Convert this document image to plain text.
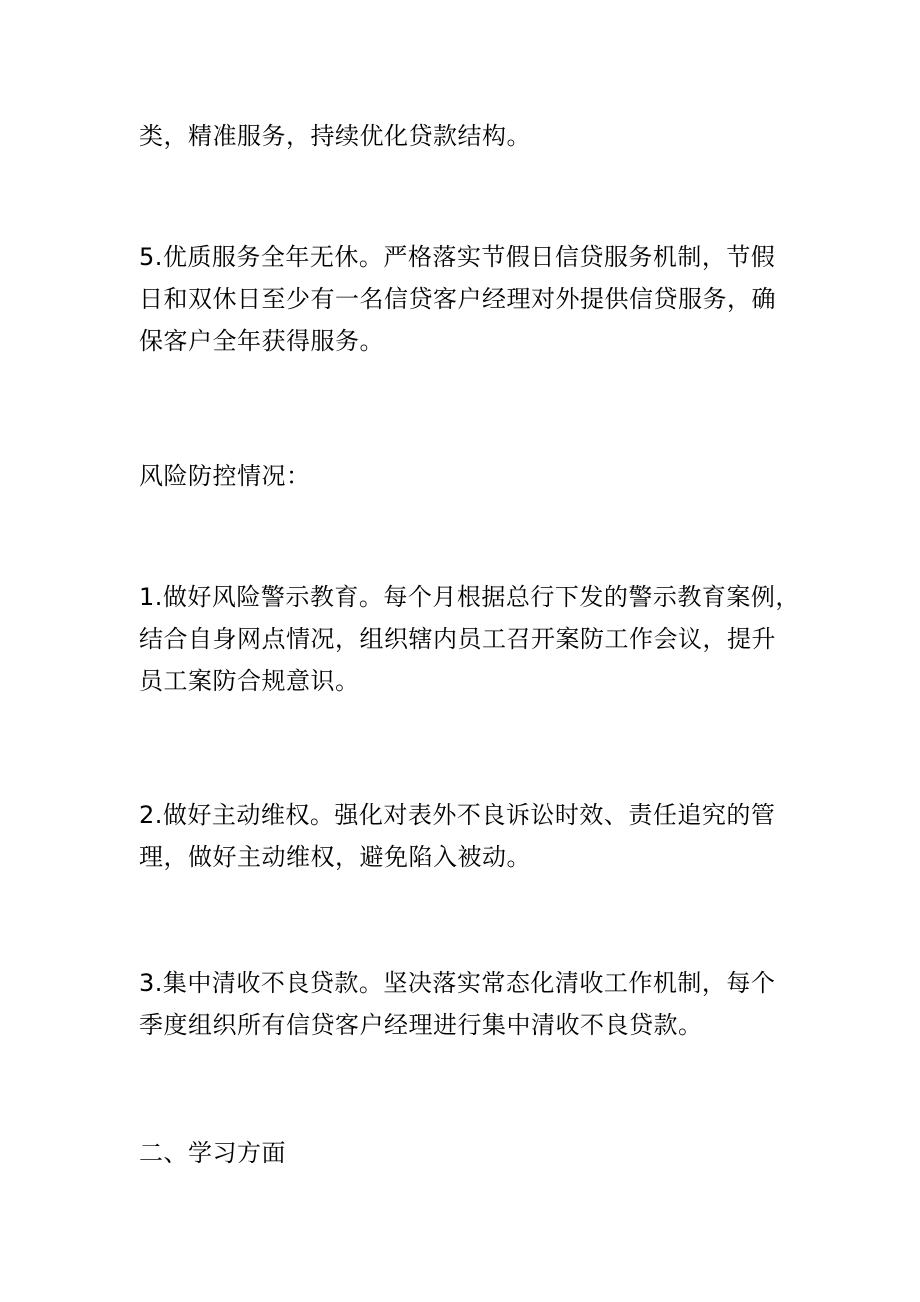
类，精准服务，持续优化贷款结构。

5.优质服务全年无休。严格落实节假日信贷服务机制，节假
日和双休日至少有一名信贷客户经理对外提供信贷服务，确
保客户全年获得服务。

风险防控情况：

1.做好风险警示教育。每个月根据总行下发的警示教育案例，
结合自身网点情况，组织辖内员工召开案防工作会议，提升
员工案防合规意识。

2.做好主动维权。强化对表外不良诉讼时效、责任追究的管
理，做好主动维权，避免陷入被动。

3.集中清收不良贷款。坚决落实常态化清收工作机制，每个
季度组织所有信贷客户经理进行集中清收不良贷款。

二、学习方面
